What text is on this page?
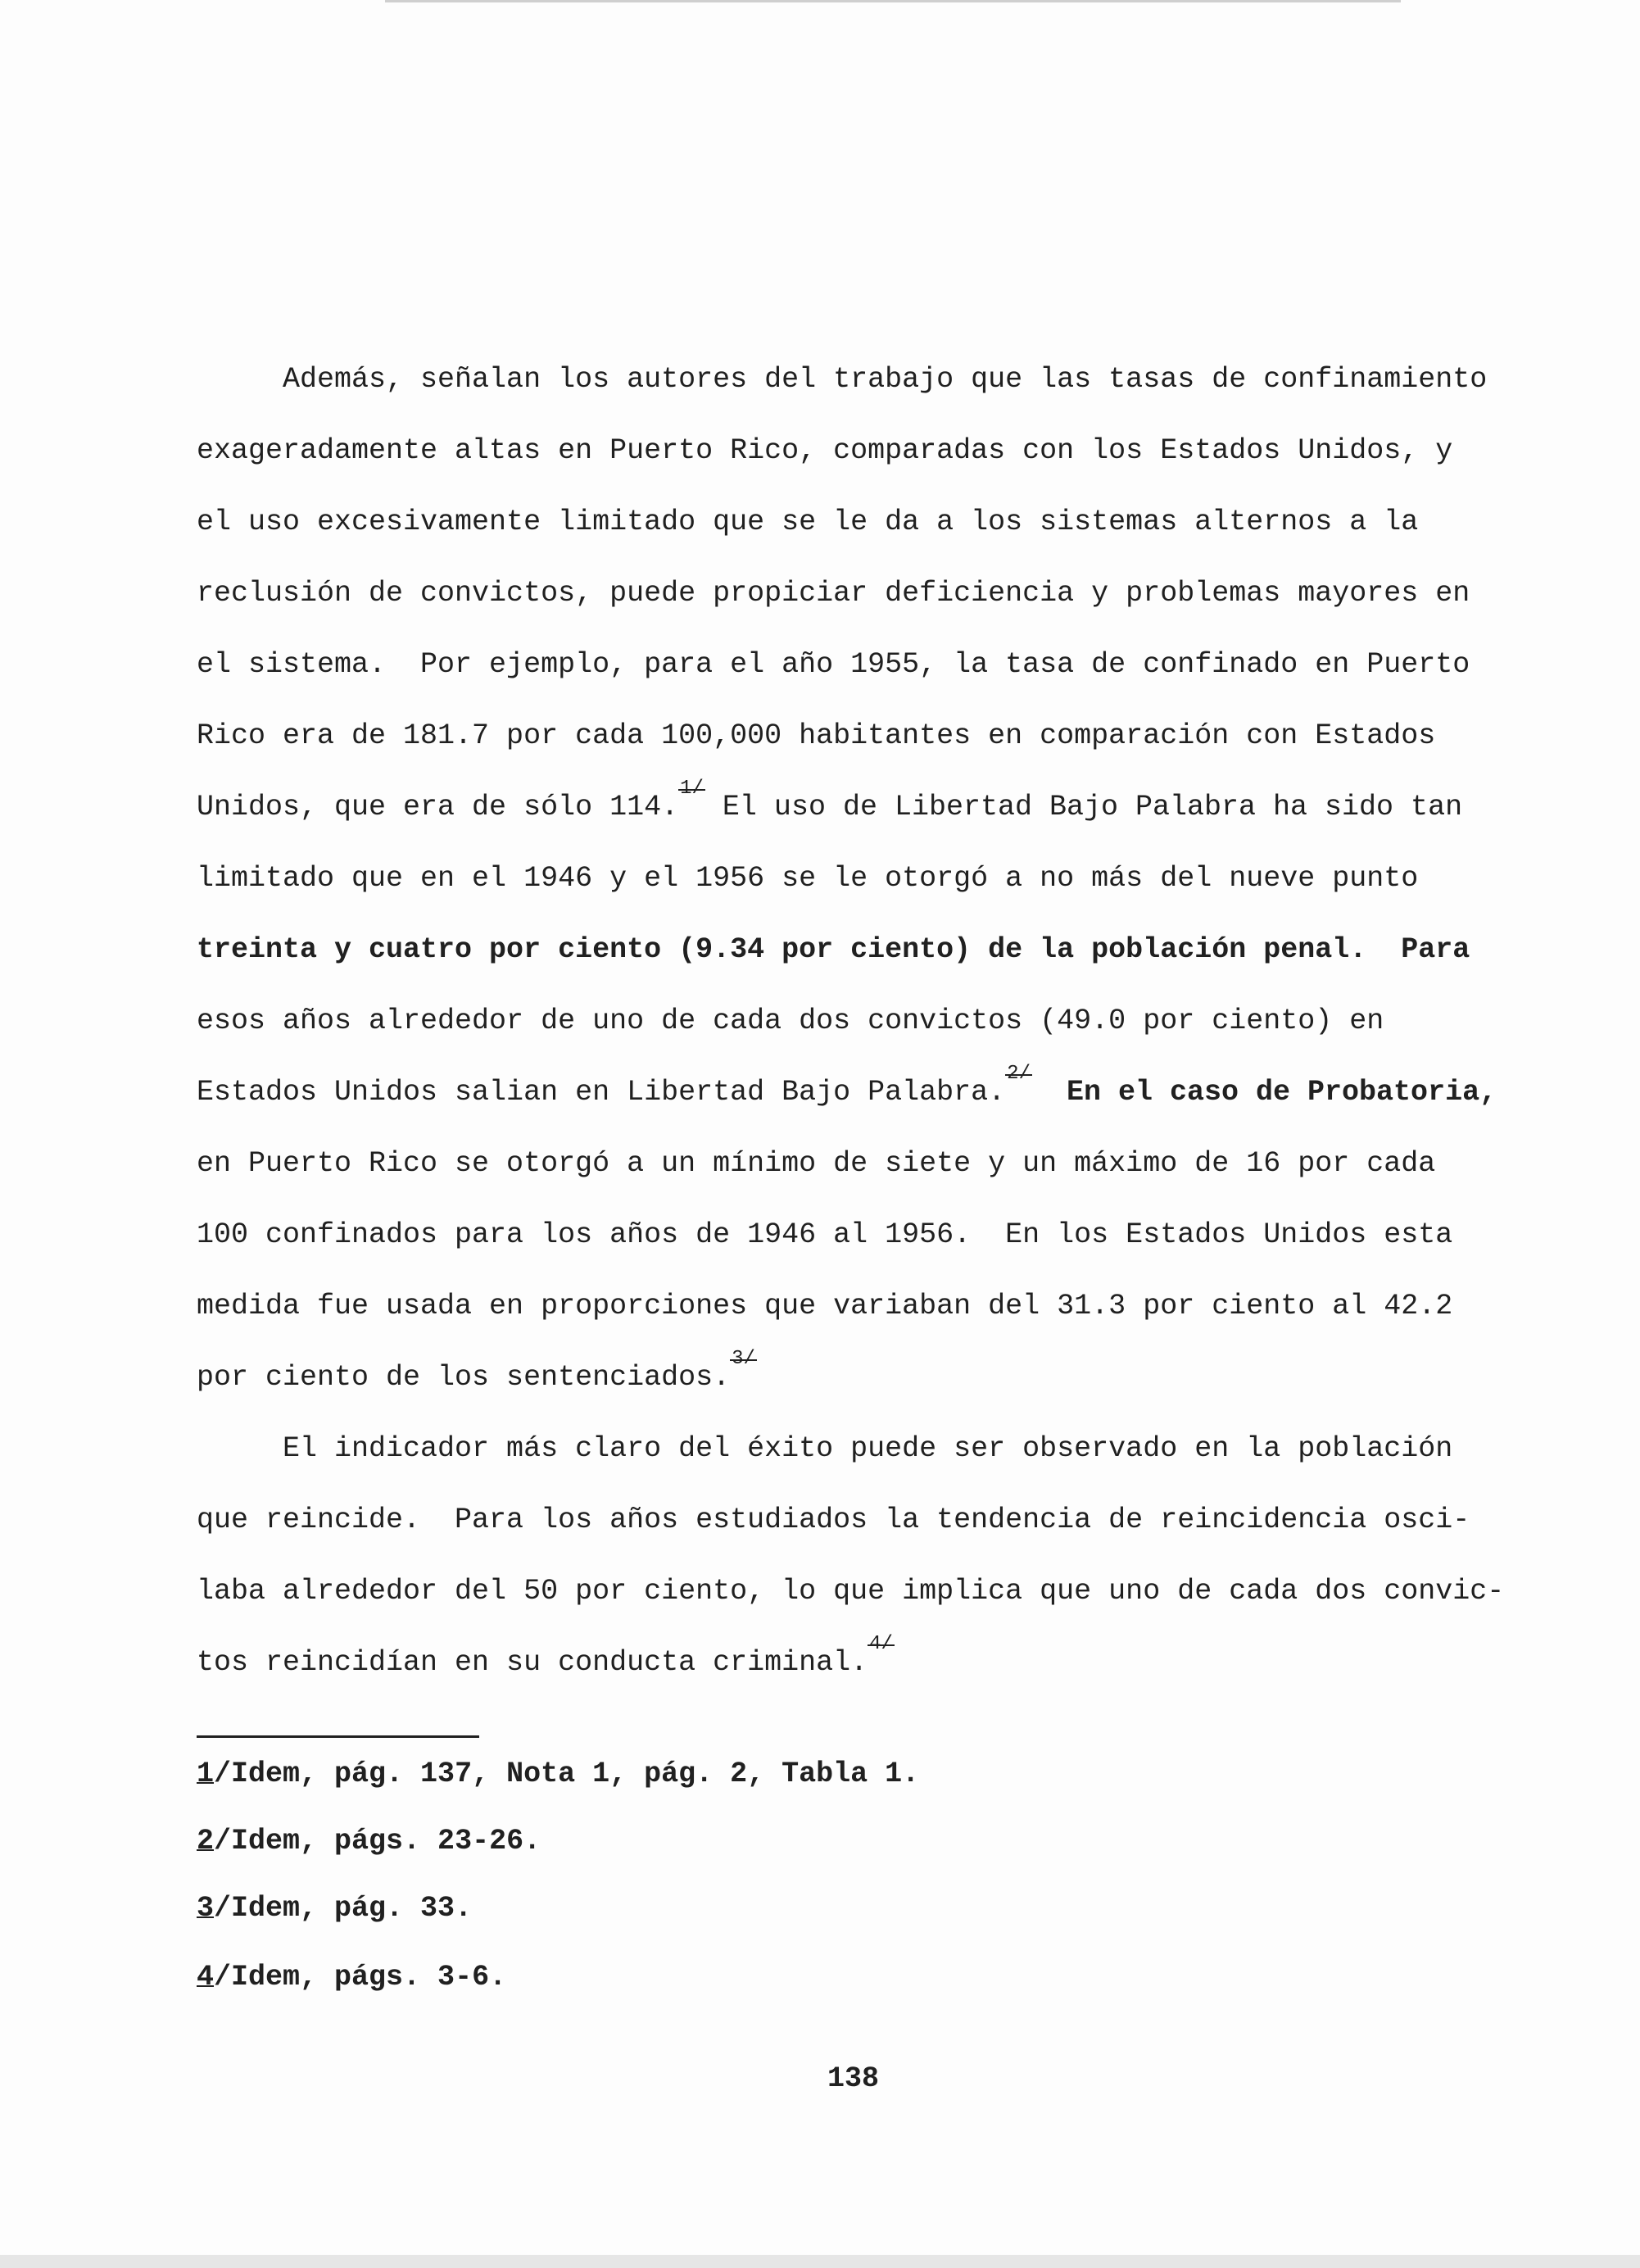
Además, señalan los autores del trabajo que las tasas de confinamiento
exageradamente altas en Puerto Rico, comparadas con los Estados Unidos, y
el uso excesivamente limitado que se le da a los sistemas alternos a la
reclusión de convictos, puede propiciar deficiencia y problemas mayores en
el sistema.  Por ejemplo, para el año 1955, la tasa de confinado en Puerto
Rico era de 181.7 por cada 100,000 habitantes en comparación con Estados
Unidos, que era de sólo 114.$^{1/}$ El uso de Libertad Bajo Palabra ha sido tan
limitado que en el 1946 y el 1956 se le otorgó a no más del nueve punto
treinta y cuatro por ciento (9.34 por ciento) de la población penal.  Para
esos años alrededor de uno de cada dos convictos (49.0 por ciento) en
Estados Unidos salian en Libertad Bajo Palabra.$^{2/}$  En el caso de Probatoria,
en Puerto Rico se otorgó a un mínimo de siete y un máximo de 16 por cada
100 confinados para los años de 1946 al 1956.  En los Estados Unidos esta
medida fue usada en proporciones que variaban del 31.3 por ciento al 42.2
por ciento de los sentenciados.$^{3/}$
El indicador más claro del éxito puede ser observado en la población
que reincide.  Para los años estudiados la tendencia de reincidencia osci-
laba alrededor del 50 por ciento, lo que implica que uno de cada dos convic-
tos reincidían en su conducta criminal.$^{4/}$
1/Idem, pág. 137, Nota 1, pág. 2, Tabla 1.
2/Idem, págs. 23-26.
3/Idem, pág. 33.
4/Idem, págs. 3-6.
138
